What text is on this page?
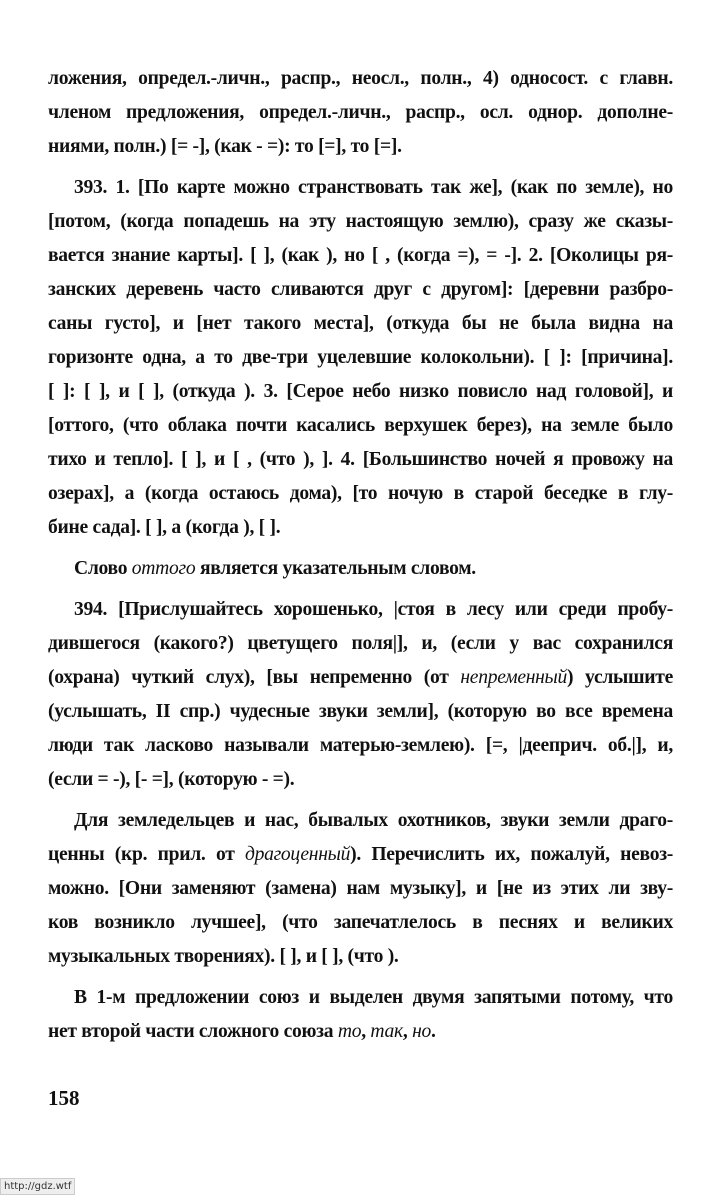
ложения, определ.-личн., распр., неосл., полн., 4) односост. с главн.
членом предложения, определ.-личн., распр., осл. однор. дополне-
ниями, полн.) [= -], (как - =): то [=], то [=].
393. 1. [По карте можно странствовать так же], (как по земле), но
[потом, (когда попадешь на эту настоящую землю), сразу же сказы-
вается знание карты]. [ ], (как ), но [ , (когда =), = -]. 2. [Околицы ря-
занских деревень часто сливаются друг с другом]: [деревни разбро-
саны густо], и [нет такого места], (откуда бы не была видна на
горизонте одна, а то две-три уцелевшие колокольни). [ ]: [причина].
[ ]: [ ], и [ ], (откуда ). 3. [Серое небо низко повисло над головой], и
[оттого, (что облака почти касались верхушек берез), на земле было
тихо и тепло]. [ ], и [ , (что ), ]. 4. [Большинство ночей я провожу на
озерах], а (когда остаюсь дома), [то ночую в старой беседке в глу-
бине сада]. [ ], а (когда ), [ ].
Слово оттого является указательным словом.
394. [Прислушайтесь хорошенько, |стоя в лесу или среди пробу-
дившегося (какого?) цветущего поля|], и, (если у вас сохранился
(охрана) чуткий слух), [вы непременно (от непременный) услышите
(услышать, II спр.) чудесные звуки земли], (которую во все времена
люди так ласково называли матерью-землею). [=, |дееприч. об.|], и,
(если = -), [- =], (которую - =).
Для земледельцев и нас, бывалых охотников, звуки земли драго-
ценны (кр. прил. от драгоценный). Перечислить их, пожалуй, невоз-
можно. [Они заменяют (замена) нам музыку], и [не из этих ли зву-
ков возникло лучшее], (что запечатлелось в песнях и великих
музыкальных творениях). [ ], и [ ], (что ).
В 1-м предложении союз и выделен двумя запятыми потому, что
нет второй части сложного союза то, так, но.
158
http://gdz.wtf
